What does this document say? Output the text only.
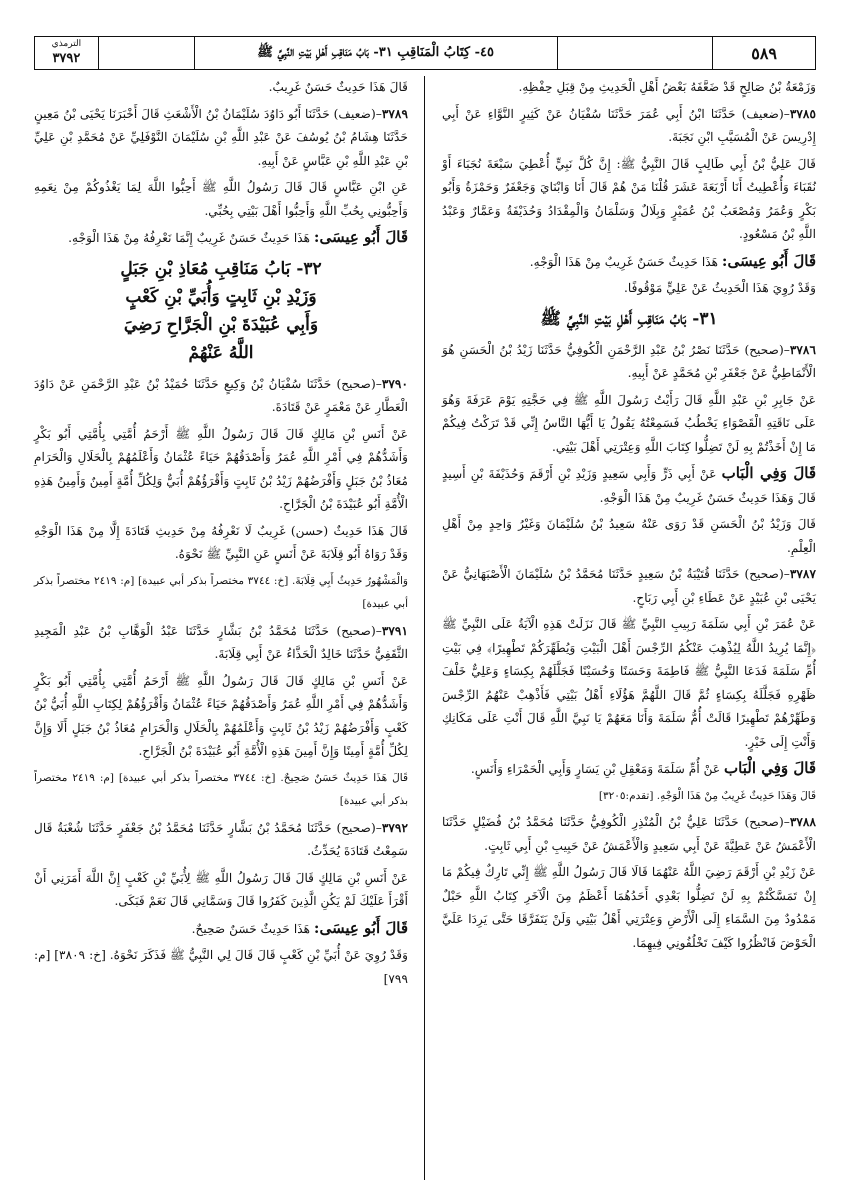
الترمذي
٣٧٩٢	٤٥- كِتَابُ الْمَنَاقِبِ ٣١- بَابُ مَنَاقِبِ أَهْلِ بَيْتِ النَّبِيِّ ﷺ	٥٨٩

وَزَمْعَةُ بْنُ صَالِحٍ قَدْ ضَعَّفَهُ بَعْضُ أَهْلِ الْحَدِيثِ مِنْ قِبَلِ حِفْظِهِ.

٣٧٨٥–(ضعيف) حَدَّثَنَا ابْنُ أَبِي عُمَرَ حَدَّثَنَا سُفْيَانُ عَنْ كَثِيرٍ النَّوَّاءِ عَنْ أَبِي إِدْرِيسَ عَنْ الْمُسَيَّبِ ابْنِ نَجَبَةَ.

قَالَ عَلِيُّ بْنُ أَبِي طَالِبٍ قَالَ النَّبِيُّ ﷺ: إِنَّ كُلَّ نَبِيٍّ أُعْطِيَ سَبْعَةَ نُجَبَاءَ أَوْ نُقَبَاءَ وَأُعْطِيتُ أَنَا أَرْبَعَةَ عَشَرَ قُلْنَا مَنْ هُمْ قَالَ أَنَا وَابْنَايَ وَجَعْفَرٌ وَحَمْزَةُ وَأَبُو بَكْرٍ وَعُمَرُ وَمُصْعَبُ بْنُ عُمَيْرٍ وَبِلَالٌ وَسَلْمَانُ وَالْمِقْدَادُ وَحُذَيْفَةُ وَعَمَّارٌ وَعَبْدُ اللَّهِ بْنُ مَسْعُودٍ.

قَالَ أَبُو عِيسَى: هَذَا حَدِيثٌ حَسَنٌ غَرِيبٌ مِنْ هَذَا الْوَجْهِ.

وَقَدْ رُوِيَ هَذَا الْحَدِيثُ عَنْ عَلِيٍّ مَوْقُوفًا.

٣١- بَابُ مَنَاقِبِ أَهْلِ بَيْتِ النَّبِيِّ ﷺ

٣٧٨٦–(صحيح) حَدَّثَنَا نَصْرُ بْنُ عَبْدِ الرَّحْمَنِ الْكُوفِيُّ حَدَّثَنَا زَيْدُ بْنُ الْحَسَنِ هُوَ الْأَنْمَاطِيُّ عَنْ جَعْفَرِ بْنِ مُحَمَّدٍ عَنْ أَبِيهِ.

عَنْ جَابِرِ بْنِ عَبْدِ اللَّهِ قَالَ رَأَيْتُ رَسُولَ اللَّهِ ﷺ فِي حَجَّتِهِ يَوْمَ عَرَفَةَ وَهُوَ عَلَى نَاقَتِهِ الْقَصْوَاءِ يَخْطُبُ فَسَمِعْتُهُ يَقُولُ يَا أَيُّهَا النَّاسُ إِنِّي قَدْ تَرَكْتُ فِيكُمْ مَا إِنْ أَخَذْتُمْ بِهِ لَنْ تَضِلُّوا كِتَابَ اللَّهِ وَعِتْرَتِي أَهْلَ بَيْتِي.

قَالَ وَفِي الْبَاب عَنْ أَبِي ذَرٍّ وَأَبِي سَعِيدٍ وَزَيْدِ بْنِ أَرْقَمَ وَحُذَيْفَةَ بْنِ أَسِيدٍ قَالَ وَهَذَا حَدِيثٌ حَسَنٌ غَرِيبٌ مِنْ هَذَا الْوَجْهِ.

قَالَ وَزَيْدُ بْنُ الْحَسَنِ قَدْ رَوَى عَنْهُ سَعِيدُ بْنُ سُلَيْمَانَ وَغَيْرُ وَاحِدٍ مِنْ أَهْلِ الْعِلْمِ.

٣٧٨٧–(صحيح) حَدَّثَنَا قُتَيْبَةُ بْنُ سَعِيدٍ حَدَّثَنَا مُحَمَّدُ بْنُ سُلَيْمَانَ الْأَصْبَهَانِيُّ عَنْ يَحْيَى بْنِ عُبَيْدٍ عَنْ عَطَاءِ بْنِ أَبِي رَبَاحٍ.

عَنْ عُمَرَ بْنِ أَبِي سَلَمَةَ رَبِيبِ النَّبِيِّ ﷺ قَالَ نَزَلَتْ هَذِهِ الْآيَةُ عَلَى النَّبِيِّ ﷺ ﴿إِنَّمَا يُرِيدُ اللَّهُ لِيُذْهِبَ عَنْكُمُ الرِّجْسَ أَهْلَ الْبَيْتِ وَيُطَهِّرَكُمْ تَطْهِيرًا﴾ فِي بَيْتِ أُمِّ سَلَمَةَ فَدَعَا النَّبِيُّ ﷺ فَاطِمَةَ وَحَسَنًا وَحُسَيْنًا فَجَلَّلَهُمْ بِكِسَاءٍ وَعَلِيٌّ خَلْفَ ظَهْرِهِ فَجَلَّلَهُ بِكِسَاءٍ ثُمَّ قَالَ اللَّهُمَّ هَؤُلَاءِ أَهْلُ بَيْتِي فَأَذْهِبْ عَنْهُمُ الرِّجْسَ وَطَهِّرْهُمْ تَطْهِيرًا قَالَتْ أُمُّ سَلَمَةَ وَأَنَا مَعَهُمْ يَا نَبِيَّ اللَّهِ قَالَ أَنْتِ عَلَى مَكَانِكِ وَأَنْتِ إِلَى خَيْرٍ.

قَالَ وَفِي الْبَاب عَنْ أُمِّ سَلَمَةَ وَمَعْقِلِ بْنِ يَسَارٍ وَأَبِي الْحَمْرَاءِ وَأَنَسٍ.

قَالَ وَهَذَا حَدِيثٌ غَرِيبٌ مِنْ هَذَا الْوَجْهِ. [تقدم:٣٢٠٥]

٣٧٨٨–(صحيح) حَدَّثَنَا عَلِيُّ بْنُ الْمُنْذِرِ الْكُوفِيُّ حَدَّثَنَا مُحَمَّدُ بْنُ فُضَيْلٍ حَدَّثَنَا الْأَعْمَشُ عَنْ عَطِيَّةَ عَنْ أَبِي سَعِيدٍ وَالْأَعْمَشُ عَنْ حَبِيبِ بْنِ أَبِي ثَابِتٍ.

عَنْ زَيْدِ بْنِ أَرْقَمَ رَضِيَ اللَّهُ عَنْهُمَا قَالَا قَالَ رَسُولُ اللَّهِ ﷺ إِنِّي تَارِكٌ فِيكُمْ مَا إِنْ تَمَسَّكْتُمْ بِهِ لَنْ تَضِلُّوا بَعْدِي أَحَدُهُمَا أَعْظَمُ مِنَ الْآخَرِ كِتَابُ اللَّهِ حَبْلٌ مَمْدُودٌ مِنَ السَّمَاءِ إِلَى الْأَرْضِ وَعِتْرَتِي أَهْلُ بَيْتِي وَلَنْ يَتَفَرَّقَا حَتَّى يَرِدَا عَلَيَّ الْحَوْضَ فَانْظُرُوا كَيْفَ تَخْلُفُونِي فِيهِمَا.

قَالَ هَذَا حَدِيثٌ حَسَنٌ غَرِيبٌ.

٣٧٨٩–(ضعيف) حَدَّثَنَا أَبُو دَاوُدَ سُلَيْمَانُ بْنُ الْأَشْعَثِ قَالَ أَخْبَرَنَا يَحْيَى بْنُ مَعِينٍ حَدَّثَنَا هِشَامُ بْنُ يُوسُفَ عَنْ عَبْدِ اللَّهِ بْنِ سُلَيْمَانَ النَّوْفَلِيِّ عَنْ مُحَمَّدِ بْنِ عَلِيِّ بْنِ عَبْدِ اللَّهِ بْنِ عَبَّاسٍ عَنْ أَبِيهِ.

عَنِ ابْنِ عَبَّاسٍ قَالَ قَالَ رَسُولُ اللَّهِ ﷺ أَحِبُّوا اللَّهَ لِمَا يَغْذُوكُمْ مِنْ نِعَمِهِ وَأَحِبُّونِي بِحُبِّ اللَّهِ وَأَحِبُّوا أَهْلَ بَيْتِي بِحُبِّي.

قَالَ أَبُو عِيسَى: هَذَا حَدِيثٌ حَسَنٌ غَرِيبٌ إِنَّمَا نَعْرِفُهُ مِنْ هَذَا الْوَجْهِ.

٣٢- بَابُ مَنَاقِبِ مُعَاذِ بْنِ جَبَلٍ
وَزَيْدِ بْنِ ثَابِتٍ وَأُبَيِّ بْنِ كَعْبٍ
وَأَبِي عُبَيْدَةَ بْنِ الْجَرَّاحِ رَضِيَ
اللَّهُ عَنْهُمْ

٣٧٩٠–(صحيح) حَدَّثَنَا سُفْيَانُ بْنُ وَكِيعٍ حَدَّثَنَا حُمَيْدُ بْنُ عَبْدِ الرَّحْمَنِ عَنْ دَاوُدَ الْعَطَّارِ عَنْ مَعْمَرٍ عَنْ قَتَادَةَ.

عَنْ أَنَسِ بْنِ مَالِكٍ قَالَ قَالَ رَسُولُ اللَّهِ ﷺ أَرْحَمُ أُمَّتِي بِأُمَّتِي أَبُو بَكْرٍ وَأَشَدُّهُمْ فِي أَمْرِ اللَّهِ عُمَرُ وَأَصْدَقُهُمْ حَيَاءً عُثْمَانُ وَأَعْلَمُهُمْ بِالْحَلَالِ وَالْحَرَامِ مُعَاذُ بْنُ جَبَلٍ وَأَفْرَضُهُمْ زَيْدُ بْنُ ثَابِتٍ وَأَقْرَؤُهُمْ أُبَيٌّ وَلِكُلِّ أُمَّةٍ أَمِينٌ وَأَمِينُ هَذِهِ الْأُمَّةِ أَبُو عُبَيْدَةَ بْنُ الْجَرَّاحِ.

قَالَ هَذَا حَدِيثٌ (حسن) غَرِيبٌ لَا نَعْرِفُهُ مِنْ حَدِيثِ قَتَادَةَ إِلَّا مِنْ هَذَا الْوَجْهِ وَقَدْ رَوَاهُ أَبُو قِلَابَةَ عَنْ أَنَسٍ عَنِ النَّبِيِّ ﷺ نَحْوَهُ.

وَالْمَشْهُورُ حَدِيثُ أَبِي قِلَابَةَ. [خ: ٣٧٤٤ مختصراً بذكر أبي عبيدة] [م: ٢٤١٩ مختصراً بذكر أبي عبيدة]

٣٧٩١–(صحيح) حَدَّثَنَا مُحَمَّدُ بْنُ بَشَّارٍ حَدَّثَنَا عَبْدُ الْوَهَّابِ بْنُ عَبْدِ الْمَجِيدِ الثَّقَفِيُّ حَدَّثَنَا خَالِدٌ الْحَذَّاءُ عَنْ أَبِي قِلَابَةَ.

عَنْ أَنَسِ بْنِ مَالِكٍ قَالَ قَالَ رَسُولُ اللَّهِ ﷺ أَرْحَمُ أُمَّتِي بِأُمَّتِي أَبُو بَكْرٍ وَأَشَدُّهُمْ فِي أَمْرِ اللَّهِ عُمَرُ وَأَصْدَقُهُمْ حَيَاءً عُثْمَانُ وَأَقْرَؤُهُمْ لِكِتَابِ اللَّهِ أُبَيُّ بْنُ كَعْبٍ وَأَفْرَضُهُمْ زَيْدُ بْنُ ثَابِتٍ وَأَعْلَمُهُمْ بِالْحَلَالِ وَالْحَرَامِ مُعَاذُ بْنُ جَبَلٍ أَلَا وَإِنَّ لِكُلِّ أُمَّةٍ أَمِينًا وَإِنَّ أَمِينَ هَذِهِ الْأُمَّةِ أَبُو عُبَيْدَةَ بْنُ الْجَرَّاحِ.

قَالَ هَذَا حَدِيثٌ حَسَنٌ صَحِيحٌ. [خ: ٣٧٤٤ مختصراً بذكر أبي عبيدة] [م: ٢٤١٩ مختصراً بذكر أبي عبيدة]

٣٧٩٢–(صحيح) حَدَّثَنَا مُحَمَّدُ بْنُ بَشَّارٍ حَدَّثَنَا مُحَمَّدُ بْنُ جَعْفَرٍ حَدَّثَنَا شُعْبَةُ قَال سَمِعْتُ قَتَادَةَ يُحَدِّثُ.

عَنْ أَنَسِ بْنِ مَالِكٍ قَالَ قَالَ رَسُولُ اللَّهِ ﷺ لِأُبَيِّ بْنِ كَعْبٍ إِنَّ اللَّهَ أَمَرَنِي أَنْ أَقْرَأَ عَلَيْكَ لَمْ يَكُنِ الَّذِينَ كَفَرُوا قَالَ وَسَمَّانِي قَالَ نَعَمْ فَبَكَى.

قَالَ أَبُو عِيسَى: هَذَا حَدِيثٌ حَسَنٌ صَحِيحٌ.

وَقَدْ رُوِيَ عَنْ أُبَيِّ بْنِ كَعْبٍ قَالَ قَالَ لِي النَّبِيُّ ﷺ فَذَكَرَ نَحْوَهُ. [خ: ٣٨٠٩] [م: ٧٩٩]
